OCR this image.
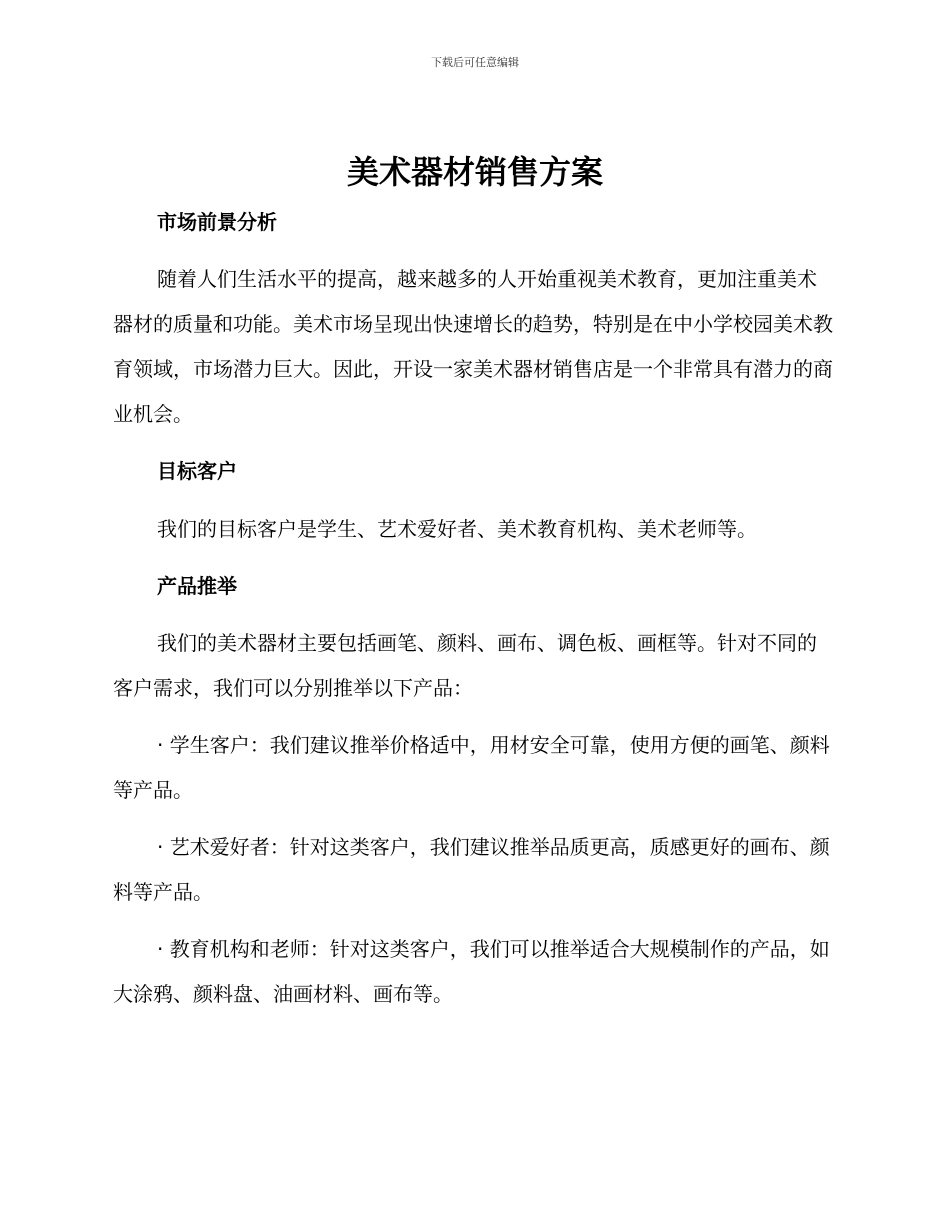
下载后可任意编辑
美术器材销售方案

市场前景分析

随着人们生活水平的提高，越来越多的人开始重视美术教育，更加注重美术器材的质量和功能。美术市场呈现出快速增长的趋势，特别是在中小学校园美术教育领域，市场潜力巨大。因此，开设一家美术器材销售店是一个非常具有潜力的商业机会。

目标客户

我们的目标客户是学生、艺术爱好者、美术教育机构、美术老师等。

产品推举

我们的美术器材主要包括画笔、颜料、画布、调色板、画框等。针对不同的客户需求，我们可以分别推举以下产品：

· 学生客户：我们建议推举价格适中，用材安全可靠，使用方便的画笔、颜料等产品。

· 艺术爱好者：针对这类客户，我们建议推举品质更高，质感更好的画布、颜料等产品。

· 教育机构和老师：针对这类客户，我们可以推举适合大规模制作的产品，如大涂鸦、颜料盘、油画材料、画布等。
